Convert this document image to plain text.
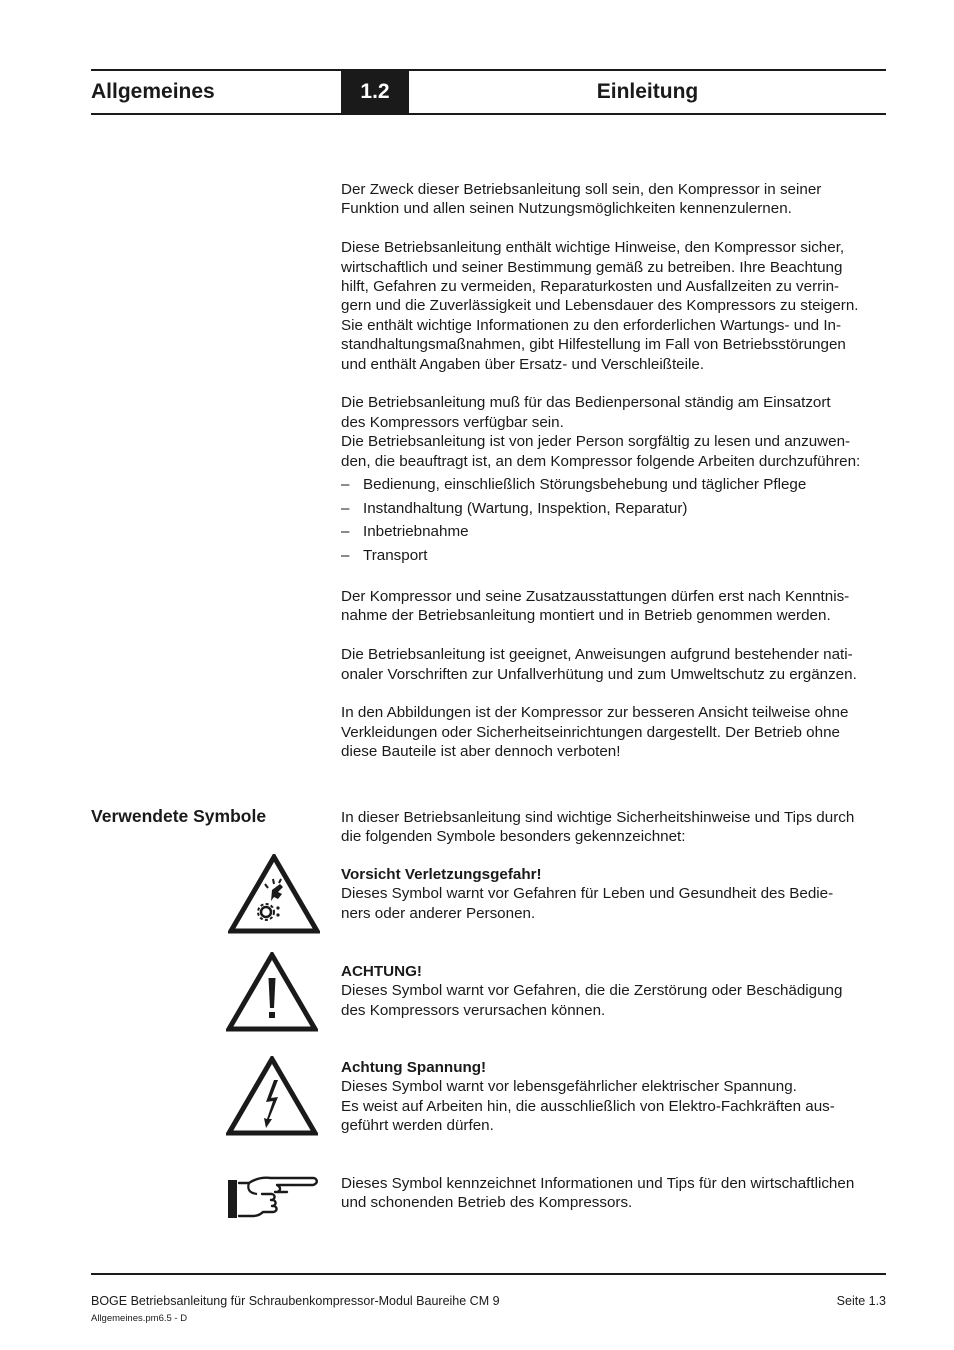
Allgemeines	1.2	Einleitung

Der Zweck dieser Betriebsanleitung soll sein, den Kompressor in seiner
Funktion und allen seinen Nutzungsmöglichkeiten kennenzulernen.

Diese Betriebsanleitung enthält wichtige Hinweise, den Kompressor sicher,
wirtschaftlich und seiner Bestimmung gemäß zu betreiben. Ihre Beachtung
hilft, Gefahren zu vermeiden, Reparaturkosten und Ausfallzeiten zu verrin-
gern und die Zuverlässigkeit und Lebensdauer des Kompressors zu steigern.
Sie enthält wichtige Informationen zu den erforderlichen Wartungs- und In-
standhaltungsmaßnahmen, gibt Hilfestellung im Fall von Betriebsstörungen
und enthält Angaben über Ersatz- und Verschleißteile.

Die Betriebsanleitung muß für das Bedienpersonal ständig am Einsatzort
des Kompressors verfügbar sein.
Die Betriebsanleitung ist von jeder Person sorgfältig zu lesen und anzuwen-
den, die beauftragt ist, an dem Kompressor folgende Arbeiten durchzuführen:

– Bedienung, einschließlich Störungsbehebung und täglicher Pflege
– Instandhaltung (Wartung, Inspektion, Reparatur)
– Inbetriebnahme
– Transport

Der Kompressor und seine Zusatzausstattungen dürfen erst nach Kenntnis-
nahme der Betriebsanleitung montiert und in Betrieb genommen werden.

Die Betriebsanleitung ist geeignet, Anweisungen aufgrund bestehender nati-
onaler Vorschriften zur Unfallverhütung und zum Umweltschutz zu ergänzen.

In den Abbildungen ist der Kompressor zur besseren Ansicht teilweise ohne
Verkleidungen oder Sicherheitseinrichtungen dargestellt. Der Betrieb ohne
diese Bauteile ist aber dennoch verboten!

Verwendete Symbole	In dieser Betriebsanleitung sind wichtige Sicherheitshinweise und Tips durch
die folgenden Symbole besonders gekennzeichnet:
Vorsicht Verletzungsgefahr!
Dieses Symbol warnt vor Gefahren für Leben und Gesundheit des Bedie-
ners oder anderer Personen.
ACHTUNG!
Dieses Symbol warnt vor Gefahren, die die Zerstörung oder Beschädigung
des Kompressors verursachen können.
Achtung Spannung!
Dieses Symbol warnt vor lebensgefährlicher elektrischer Spannung.
Es weist auf Arbeiten hin, die ausschließlich von Elektro-Fachkräften aus-
geführt werden dürfen.
Dieses Symbol kennzeichnet Informationen und Tips für den wirtschaftlichen
und schonenden Betrieb des Kompressors.
BOGE Betriebsanleitung für Schraubenkompressor-Modul Baureihe CM 9	Seite 1.3
Allgemeines.pm6.5 - D
